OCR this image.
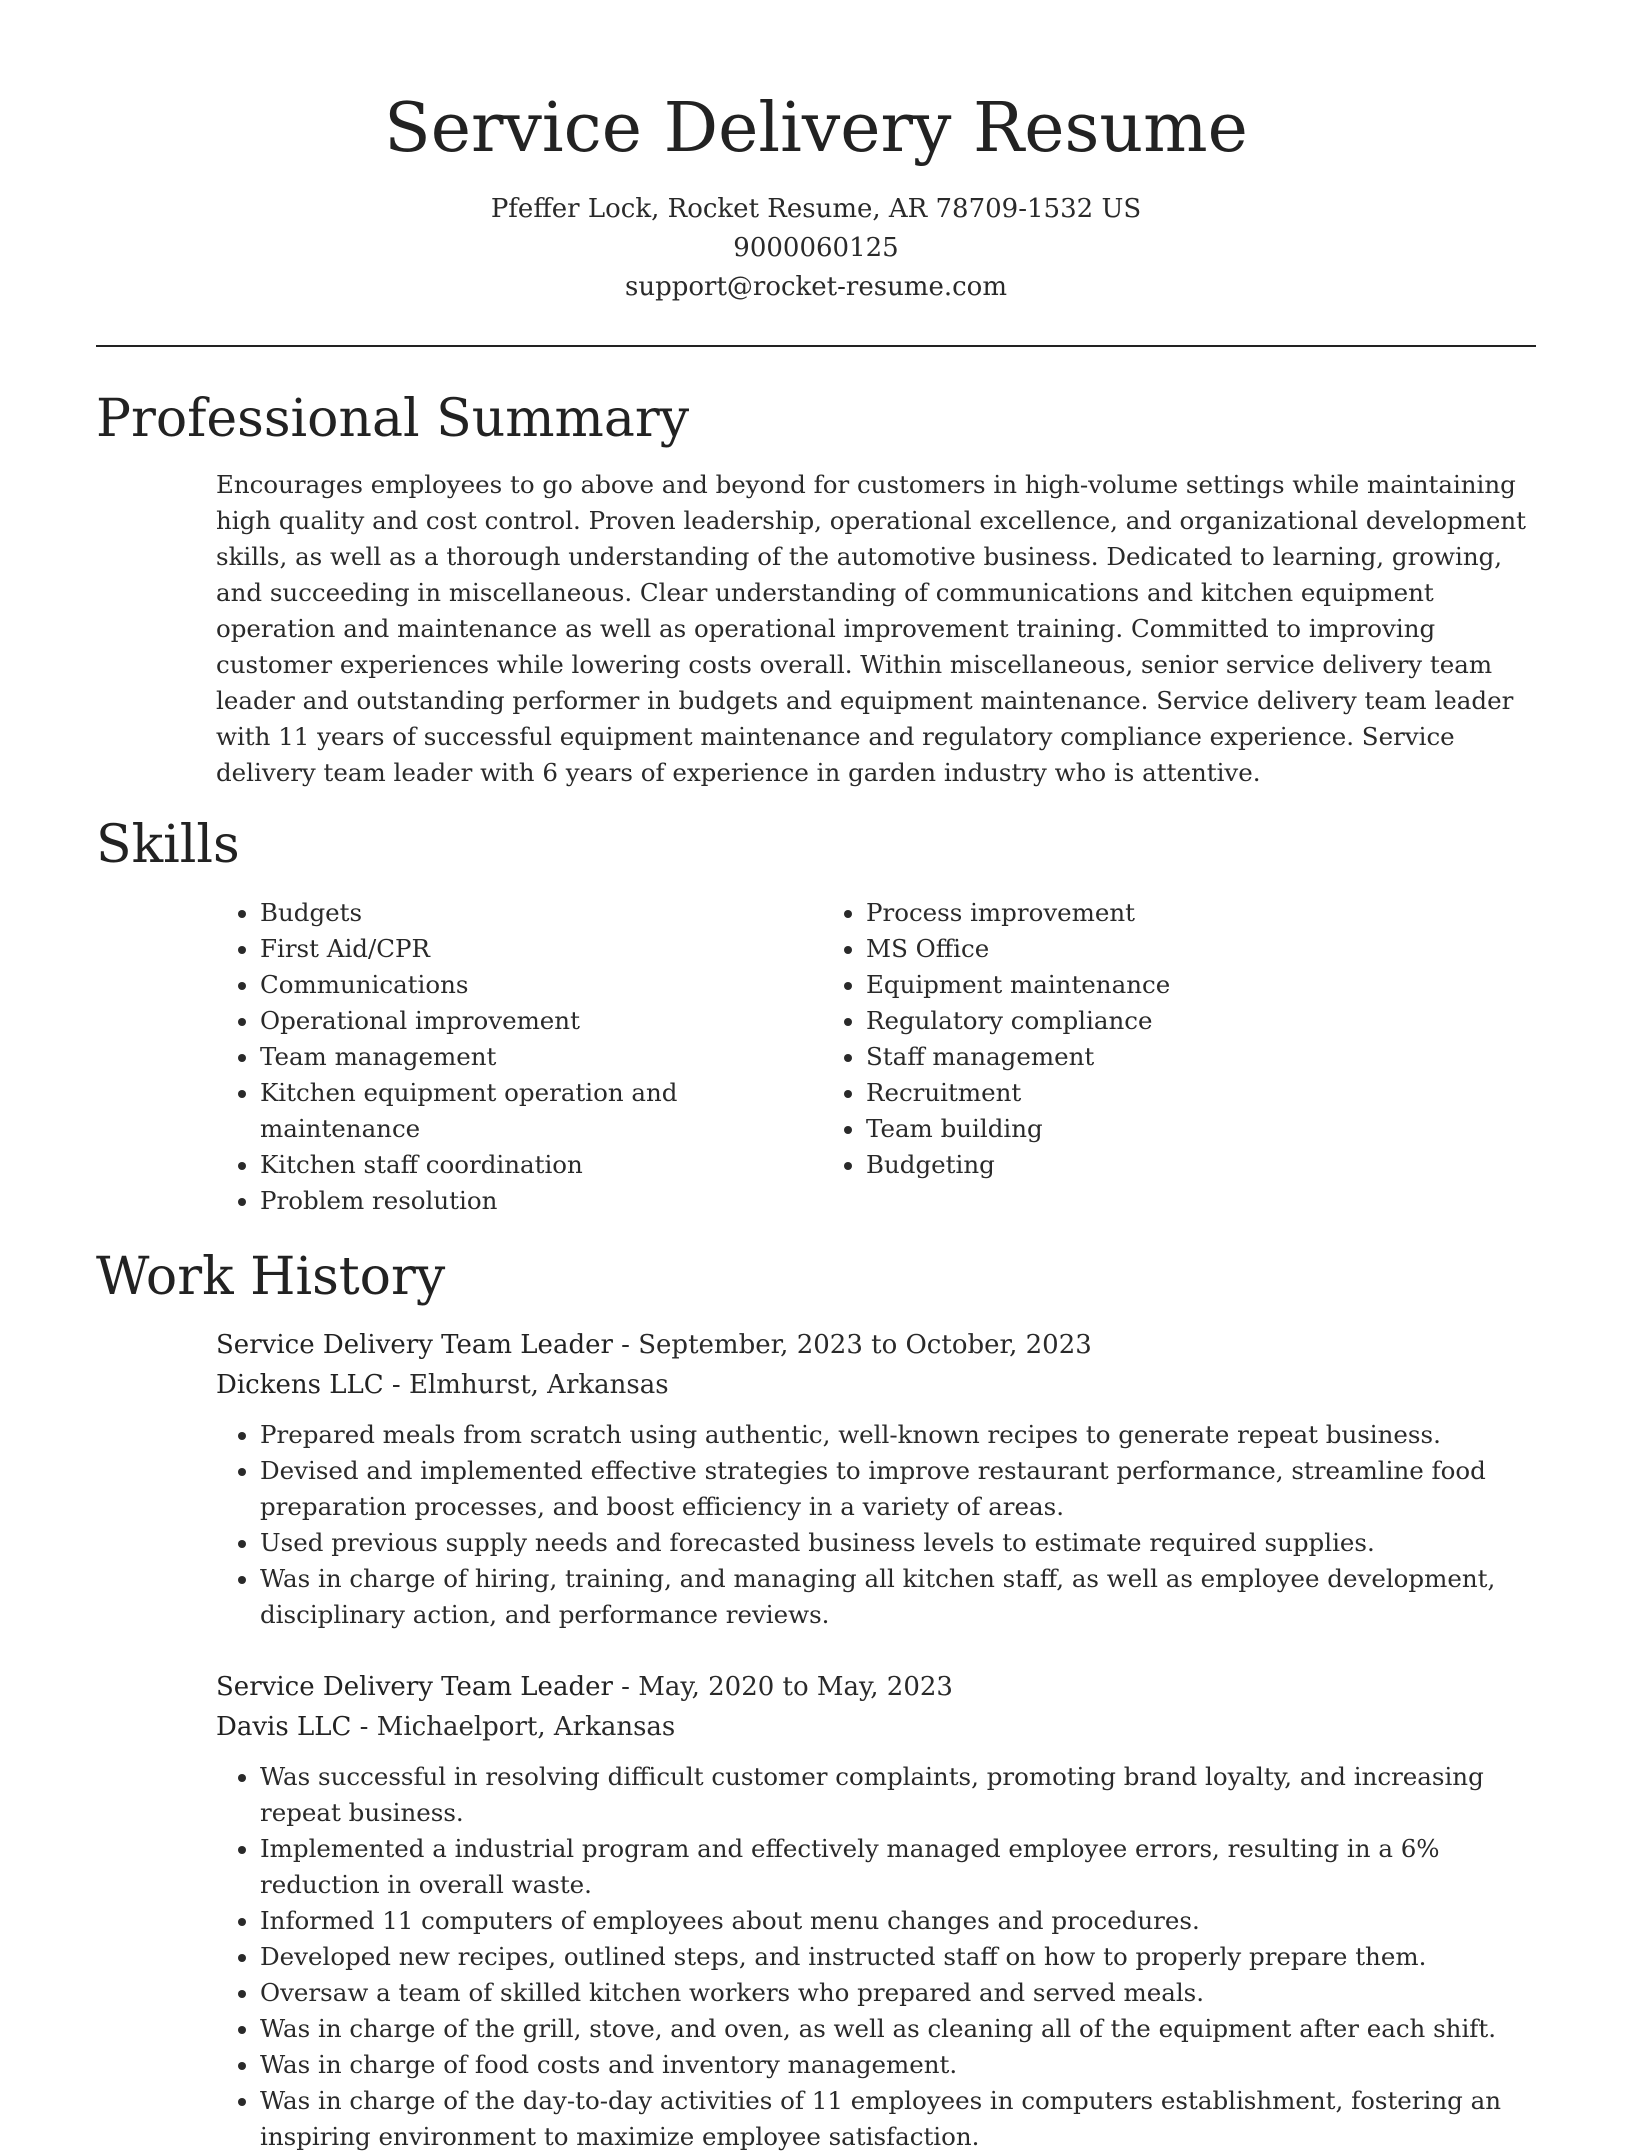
Service Delivery Resume
Pfeffer Lock, Rocket Resume, AR 78709-1532 US
9000060125
support@rocket-resume.com
Professional Summary

Encourages employees to go above and beyond for customers in high-volume settings while maintaining high quality and cost control. Proven leadership, operational excellence, and organizational development skills, as well as a thorough understanding of the automotive business. Dedicated to learning, growing, and succeeding in miscellaneous. Clear understanding of communications and kitchen equipment operation and maintenance as well as operational improvement training. Committed to improving customer experiences while lowering costs overall. Within miscellaneous, senior service delivery team leader and outstanding performer in budgets and equipment maintenance. Service delivery team leader with 11 years of successful equipment maintenance and regulatory compliance experience. Service delivery team leader with 6 years of experience in garden industry who is attentive.

Skills
• Budgets
• First Aid/CPR
• Communications
• Operational improvement
• Team management
• Kitchen equipment operation and maintenance
• Kitchen staff coordination
• Problem resolution
• Process improvement
• MS Office
• Equipment maintenance
• Regulatory compliance
• Staff management
• Recruitment
• Team building
• Budgeting
Work History
Service Delivery Team Leader - September, 2023 to October, 2023
Dickens LLC - Elmhurst, Arkansas
• Prepared meals from scratch using authentic, well-known recipes to generate repeat business.
• Devised and implemented effective strategies to improve restaurant performance, streamline food preparation processes, and boost efficiency in a variety of areas.
• Used previous supply needs and forecasted business levels to estimate required supplies.
• Was in charge of hiring, training, and managing all kitchen staff, as well as employee development, disciplinary action, and performance reviews.
Service Delivery Team Leader - May, 2020 to May, 2023
Davis LLC - Michaelport, Arkansas
• Was successful in resolving difficult customer complaints, promoting brand loyalty, and increasing repeat business.
• Implemented a industrial program and effectively managed employee errors, resulting in a 6% reduction in overall waste.
• Informed 11 computers of employees about menu changes and procedures.
• Developed new recipes, outlined steps, and instructed staff on how to properly prepare them.
• Oversaw a team of skilled kitchen workers who prepared and served meals.
• Was in charge of the grill, stove, and oven, as well as cleaning all of the equipment after each shift.
• Was in charge of food costs and inventory management.
• Was in charge of the day-to-day activities of 11 employees in computers establishment, fostering an inspiring environment to maximize employee satisfaction.
